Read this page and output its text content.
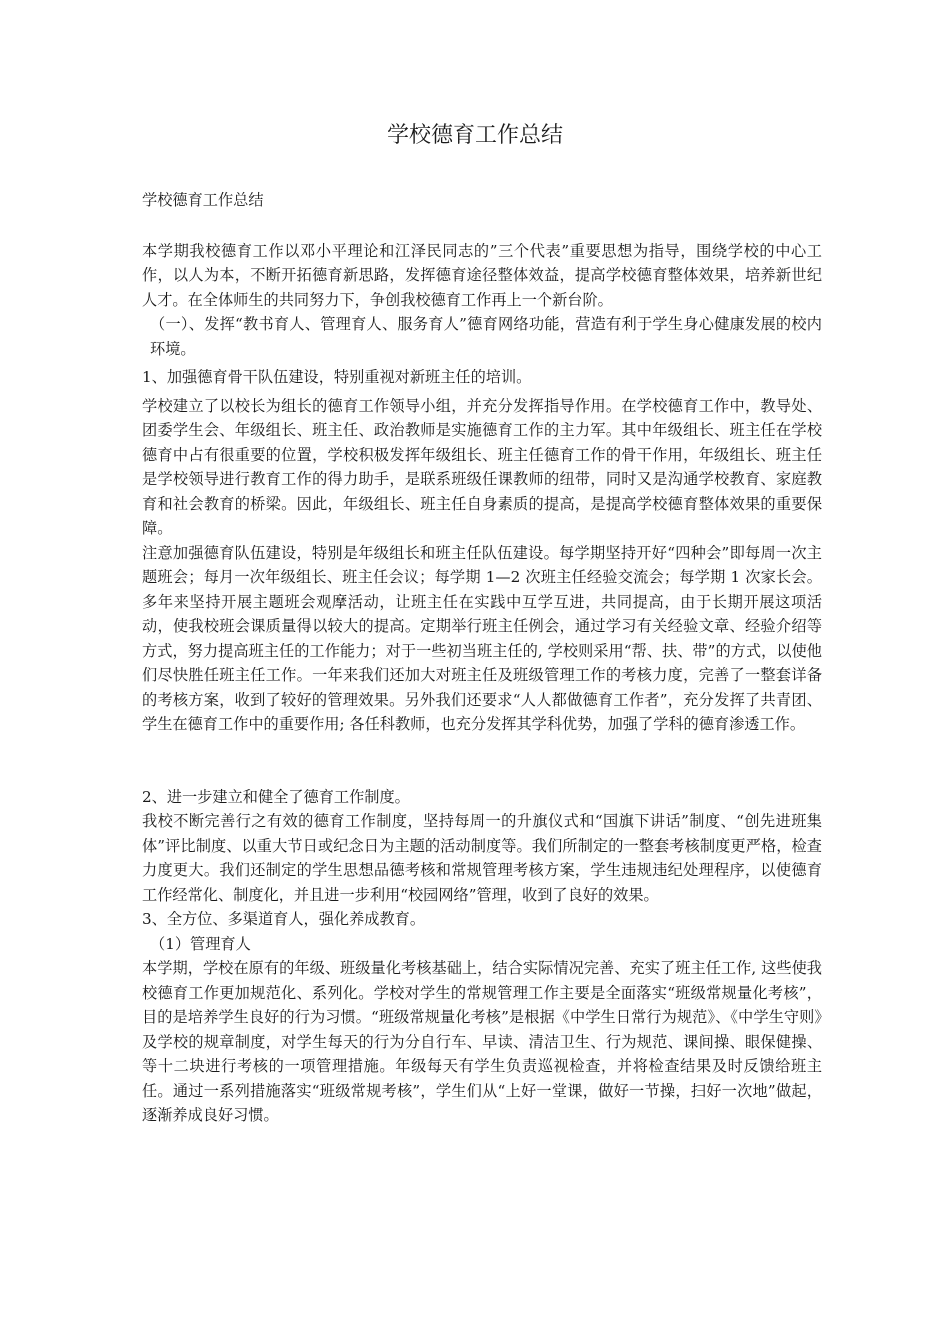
学校德育工作总结

学校德育工作总结

本学期我校德育工作以邓小平理论和江泽民同志的”三个代表”重要思想为指导，围绕学校的中心工作，以人为本，不断开拓德育新思路，发挥德育途径整体效益，提高学校德育整体效果，培养新世纪人才。在全体师生的共同努力下，争创我校德育工作再上一个新台阶。

（一）、发挥“教书育人、管理育人、服务育人”德育网络功能，营造有利于学生身心健康发展的校内环境。

1、加强德育骨干队伍建设，特别重视对新班主任的培训。

学校建立了以校长为组长的德育工作领导小组，并充分发挥指导作用。在学校德育工作中，教导处、团委学生会、年级组长、班主任、政治教师是实施德育工作的主力军。其中年级组长、班主任在学校德育中占有很重要的位置，学校积极发挥年级组长、班主任德育工作的骨干作用，年级组长、班主任是学校领导进行教育工作的得力助手，是联系班级任课教师的纽带，同时又是沟通学校教育、家庭教育和社会教育的桥梁。因此，年级组长、班主任自身素质的提高，是提高学校德育整体效果的重要保障。

注意加强德育队伍建设，特别是年级组长和班主任队伍建设。每学期坚持开好“四种会”即每周一次主题班会；每月一次年级组长、班主任会议；每学期 1—2 次班主任经验交流会；每学期 1 次家长会。多年来坚持开展主题班会观摩活动，让班主任在实践中互学互进，共同提高，由于长期开展这项活动，使我校班会课质量得以较大的提高。定期举行班主任例会，通过学习有关经验文章、经验介绍等方式，努力提高班主任的工作能力；对于一些初当班主任的, 学校则采用“帮、扶、带”的方式，以使他们尽快胜任班主任工作。一年来我们还加大对班主任及班级管理工作的考核力度，完善了一整套详备的考核方案，收到了较好的管理效果。另外我们还要求“人人都做德育工作者”，充分发挥了共青团、学生在德育工作中的重要作用; 各任科教师，也充分发挥其学科优势，加强了学科的德育渗透工作。

2、进一步建立和健全了德育工作制度。

我校不断完善行之有效的德育工作制度，坚持每周一的升旗仪式和“国旗下讲话”制度、“创先进班集体”评比制度、以重大节日或纪念日为主题的活动制度等。我们所制定的一整套考核制度更严格，检查力度更大。我们还制定的学生思想品德考核和常规管理考核方案，学生违规违纪处理程序，以使德育工作经常化、制度化，并且进一步利用“校园网络”管理，收到了良好的效果。

3、全方位、多渠道育人，强化养成教育。

（1）管理育人

本学期，学校在原有的年级、班级量化考核基础上，结合实际情况完善、充实了班主任工作, 这些使我校德育工作更加规范化、系列化。学校对学生的常规管理工作主要是全面落实“班级常规量化考核”，目的是培养学生良好的行为习惯。“班级常规量化考核”是根据《中学生日常行为规范》、《中学生守则》及学校的规章制度，对学生每天的行为分自行车、早读、清洁卫生、行为规范、课间操、眼保健操、等十二块进行考核的一项管理措施。年级每天有学生负责巡视检查，并将检查结果及时反馈给班主任。通过一系列措施落实“班级常规考核”，学生们从“上好一堂课，做好一节操，扫好一次地”做起，逐渐养成良好习惯。
